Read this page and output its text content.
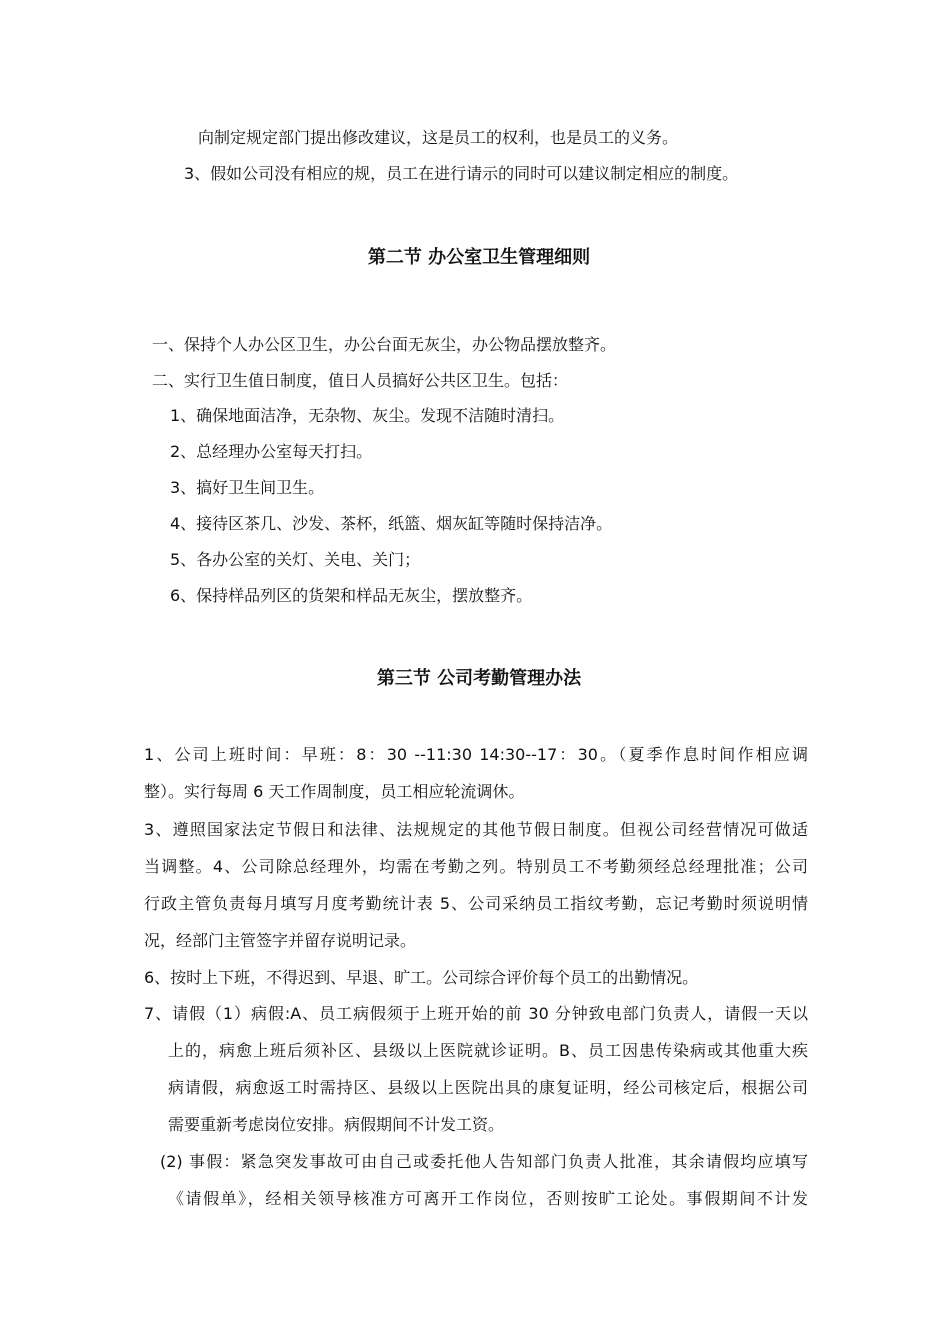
向制定规定部门提出修改建议，这是员工的权利，也是员工的义务。
3、假如公司没有相应的规，员工在进行请示的同时可以建议制定相应的制度。
第二节 办公室卫生管理细则
一、保持个人办公区卫生，办公台面无灰尘，办公物品摆放整齐。
二、实行卫生值日制度，值日人员搞好公共区卫生。包括：
1、确保地面洁净，无杂物、灰尘。发现不洁随时清扫。
2、总经理办公室每天打扫。
3、搞好卫生间卫生。
4、接待区茶几、沙发、茶杯，纸篮、烟灰缸等随时保持洁净。
5、各办公室的关灯、关电、关门；
6、保持样品列区的货架和样品无灰尘，摆放整齐。
第三节 公司考勤管理办法
1、公司上班时间：早班：8：30 --11:30 14:30--17：30。（夏季作息时间作相应调
整）。实行每周 6 天工作周制度，员工相应轮流调休。
3、遵照国家法定节假日和法律、法规规定的其他节假日制度。但视公司经营情况可做适
当调整。4、公司除总经理外，均需在考勤之列。特别员工不考勤须经总经理批准；公司
行政主管负责每月填写月度考勤统计表 5、公司采纳员工指纹考勤，忘记考勤时须说明情
况，经部门主管签字并留存说明记录。
6、按时上下班，不得迟到、早退、旷工。公司综合评价每个员工的出勤情况。
7、请假（1）病假:A、员工病假须于上班开始的前 30 分钟致电部门负责人，请假一天以
上的，病愈上班后须补区、县级以上医院就诊证明。B、员工因患传染病或其他重大疾
病请假，病愈返工时需持区、县级以上医院出具的康复证明，经公司核定后，根据公司
需要重新考虑岗位安排。病假期间不计发工资。
(2) 事假：紧急突发事故可由自己或委托他人告知部门负责人批准，其余请假均应填写
《请假单》，经相关领导核准方可离开工作岗位，否则按旷工论处。事假期间不计发
